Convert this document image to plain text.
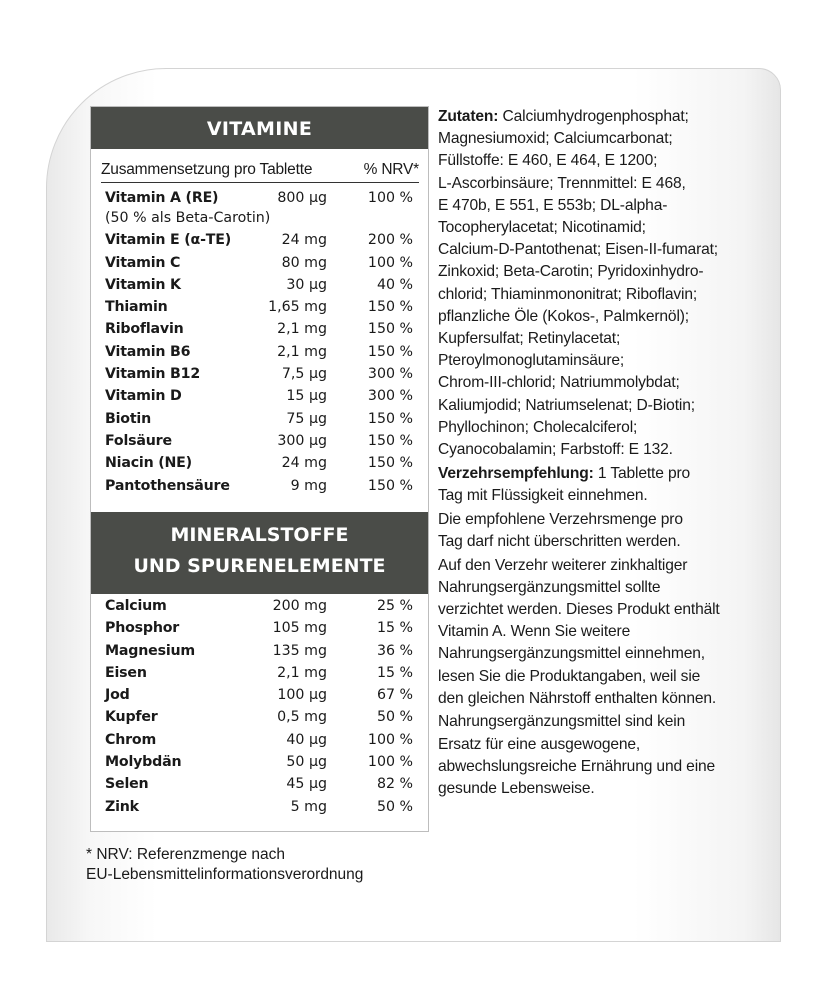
VITAMINE
Zusammensetzung pro Tablette	% NRV*
Vitamin A (RE)	800 µg	100 %
(50 % als Beta-Carotin)
Vitamin E (α-TE)	24 mg	200 %
Vitamin C	80 mg	100 %
Vitamin K	30 µg	40 %
Thiamin	1,65 mg	150 %
Riboflavin	2,1 mg	150 %
Vitamin B6	2,1 mg	150 %
Vitamin B12	7,5 µg	300 %
Vitamin D	15 µg	300 %
Biotin	75 µg	150 %
Folsäure	300 µg	150 %
Niacin (NE)	24 mg	150 %
Pantothensäure	9 mg	150 %
MINERALSTOFFE
UND SPURENELEMENTE
Calcium	200 mg	25 %
Phosphor	105 mg	15 %
Magnesium	135 mg	36 %
Eisen	2,1 mg	15 %
Jod	100 µg	67 %
Kupfer	0,5 mg	50 %
Chrom	40 µg	100 %
Molybdän	50 µg	100 %
Selen	45 µg	82 %
Zink	5 mg	50 %
* NRV: Referenzmenge nach
EU-Lebensmittelinformationsverordnung

Zutaten: Calciumhydrogenphosphat;
Magnesiumoxid; Calciumcarbonat;
Füllstoffe: E 460, E 464, E 1200;
L-Ascorbinsäure; Trennmittel: E 468,
E 470b, E 551, E 553b; DL-alpha-
Tocopherylacetat; Nicotinamid;
Calcium-D-Pantothenat; Eisen-II-fumarat;
Zinkoxid; Beta-Carotin; Pyridoxinhydro-
chlorid; Thiaminmononitrat; Riboflavin;
pflanzliche Öle (Kokos-, Palmkernöl);
Kupfersulfat; Retinylacetat;
Pteroylmonoglutaminsäure;
Chrom-III-chlorid; Natriummolybdat;
Kaliumjodid; Natriumselenat; D-Biotin;
Phyllochinon; Cholecalciferol;
Cyanocobalamin; Farbstoff: E 132.

Verzehrsempfehlung: 1 Tablette pro
Tag mit Flüssigkeit einnehmen.

Die empfohlene Verzehrsmenge pro
Tag darf nicht überschritten werden.

Auf den Verzehr weiterer zinkhaltiger
Nahrungsergänzungsmittel sollte
verzichtet werden. Dieses Produkt enthält
Vitamin A. Wenn Sie weitere
Nahrungsergänzungsmittel einnehmen,
lesen Sie die Produktangaben, weil sie
den gleichen Nährstoff enthalten können.

Nahrungsergänzungsmittel sind kein
Ersatz für eine ausgewogene,
abwechslungsreiche Ernährung und eine
gesunde Lebensweise.
